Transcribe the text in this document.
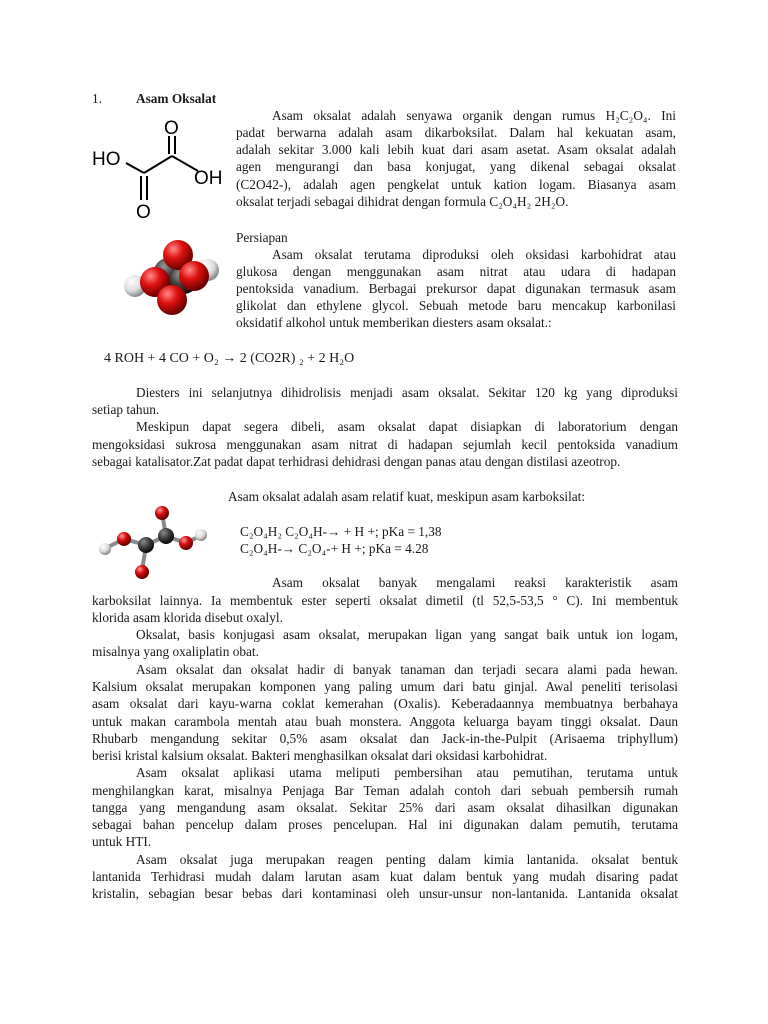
1.	Asam Oksalat
O
HO
OH
O
Asam oksalat adalah senyawa organik dengan rumus H₂C₂O₄. Ini
padat berwarna adalah asam dikarboksilat. Dalam hal kekuatan asam,
adalah sekitar 3.000 kali lebih kuat dari asam asetat. Asam oksalat adalah
agen mengurangi dan basa konjugat, yang dikenal sebagai oksalat
(C2O42-), adalah agen pengkelat untuk kation logam. Biasanya asam
oksalat terjadi sebagai dihidrat dengan formula C₂O₄H₂ 2H₂O.
Persiapan
Asam oksalat terutama diproduksi oleh oksidasi karbohidrat atau
glukosa dengan menggunakan asam nitrat atau udara di hadapan
pentoksida vanadium. Berbagai prekursor dapat digunakan termasuk asam
glikolat dan ethylene glycol. Sebuah metode baru mencakup karbonilasi
oksidatif alkohol untuk memberikan diesters asam oksalat.:
4 ROH + 4 CO + O₂ → 2 (CO2R) ₂ + 2 H₂O
Diesters ini selanjutnya dihidrolisis menjadi asam oksalat. Sekitar 120 kg yang diproduksi
setiap tahun.
Meskipun dapat segera dibeli, asam oksalat dapat disiapkan di laboratorium dengan
mengoksidasi sukrosa menggunakan asam nitrat di hadapan sejumlah kecil pentoksida vanadium
sebagai katalisator.Zat padat dapat terhidrasi dehidrasi dengan panas atau dengan distilasi azeotrop.
Asam oksalat adalah asam relatif kuat, meskipun asam karboksilat:
C₂O₄H₂ C₂O₄H-→ + H +; pKa = 1,38
C₂O₄H-→ C₂O₄-+ H +; pKa = 4.28
Asam oksalat banyak mengalami reaksi karakteristik asam
karboksilat lainnya. Ia membentuk ester seperti oksalat dimetil (tl 52,5-53,5 ° C). Ini membentuk
klorida asam klorida disebut oxalyl.
Oksalat, basis konjugasi asam oksalat, merupakan ligan yang sangat baik untuk ion logam,
misalnya yang oxaliplatin obat.
Asam oksalat dan oksalat hadir di banyak tanaman dan terjadi secara alami pada hewan.
Kalsium oksalat merupakan komponen yang paling umum dari batu ginjal. Awal peneliti terisolasi
asam oksalat dari kayu-warna coklat kemerahan (Oxalis). Keberadaannya membuatnya berbahaya
untuk makan carambola mentah atau buah monstera. Anggota keluarga bayam tinggi oksalat. Daun
Rhubarb mengandung sekitar 0,5% asam oksalat dan Jack-in-the-Pulpit (Arisaema triphyllum)
berisi kristal kalsium oksalat. Bakteri menghasilkan oksalat dari oksidasi karbohidrat.
Asam oksalat aplikasi utama meliputi pembersihan atau pemutihan, terutama untuk
menghilangkan karat, misalnya Penjaga Bar Teman adalah contoh dari sebuah pembersih rumah
tangga yang mengandung asam oksalat. Sekitar 25% dari asam oksalat dihasilkan digunakan
sebagai bahan pencelup dalam proses pencelupan. Hal ini digunakan dalam pemutih, terutama
untuk HTI.
Asam oksalat juga merupakan reagen penting dalam kimia lantanida. oksalat bentuk
lantanida Terhidrasi mudah dalam larutan asam kuat dalam bentuk yang mudah disaring padat
kristalin, sebagian besar bebas dari kontaminasi oleh unsur-unsur non-lantanida. Lantanida oksalat
